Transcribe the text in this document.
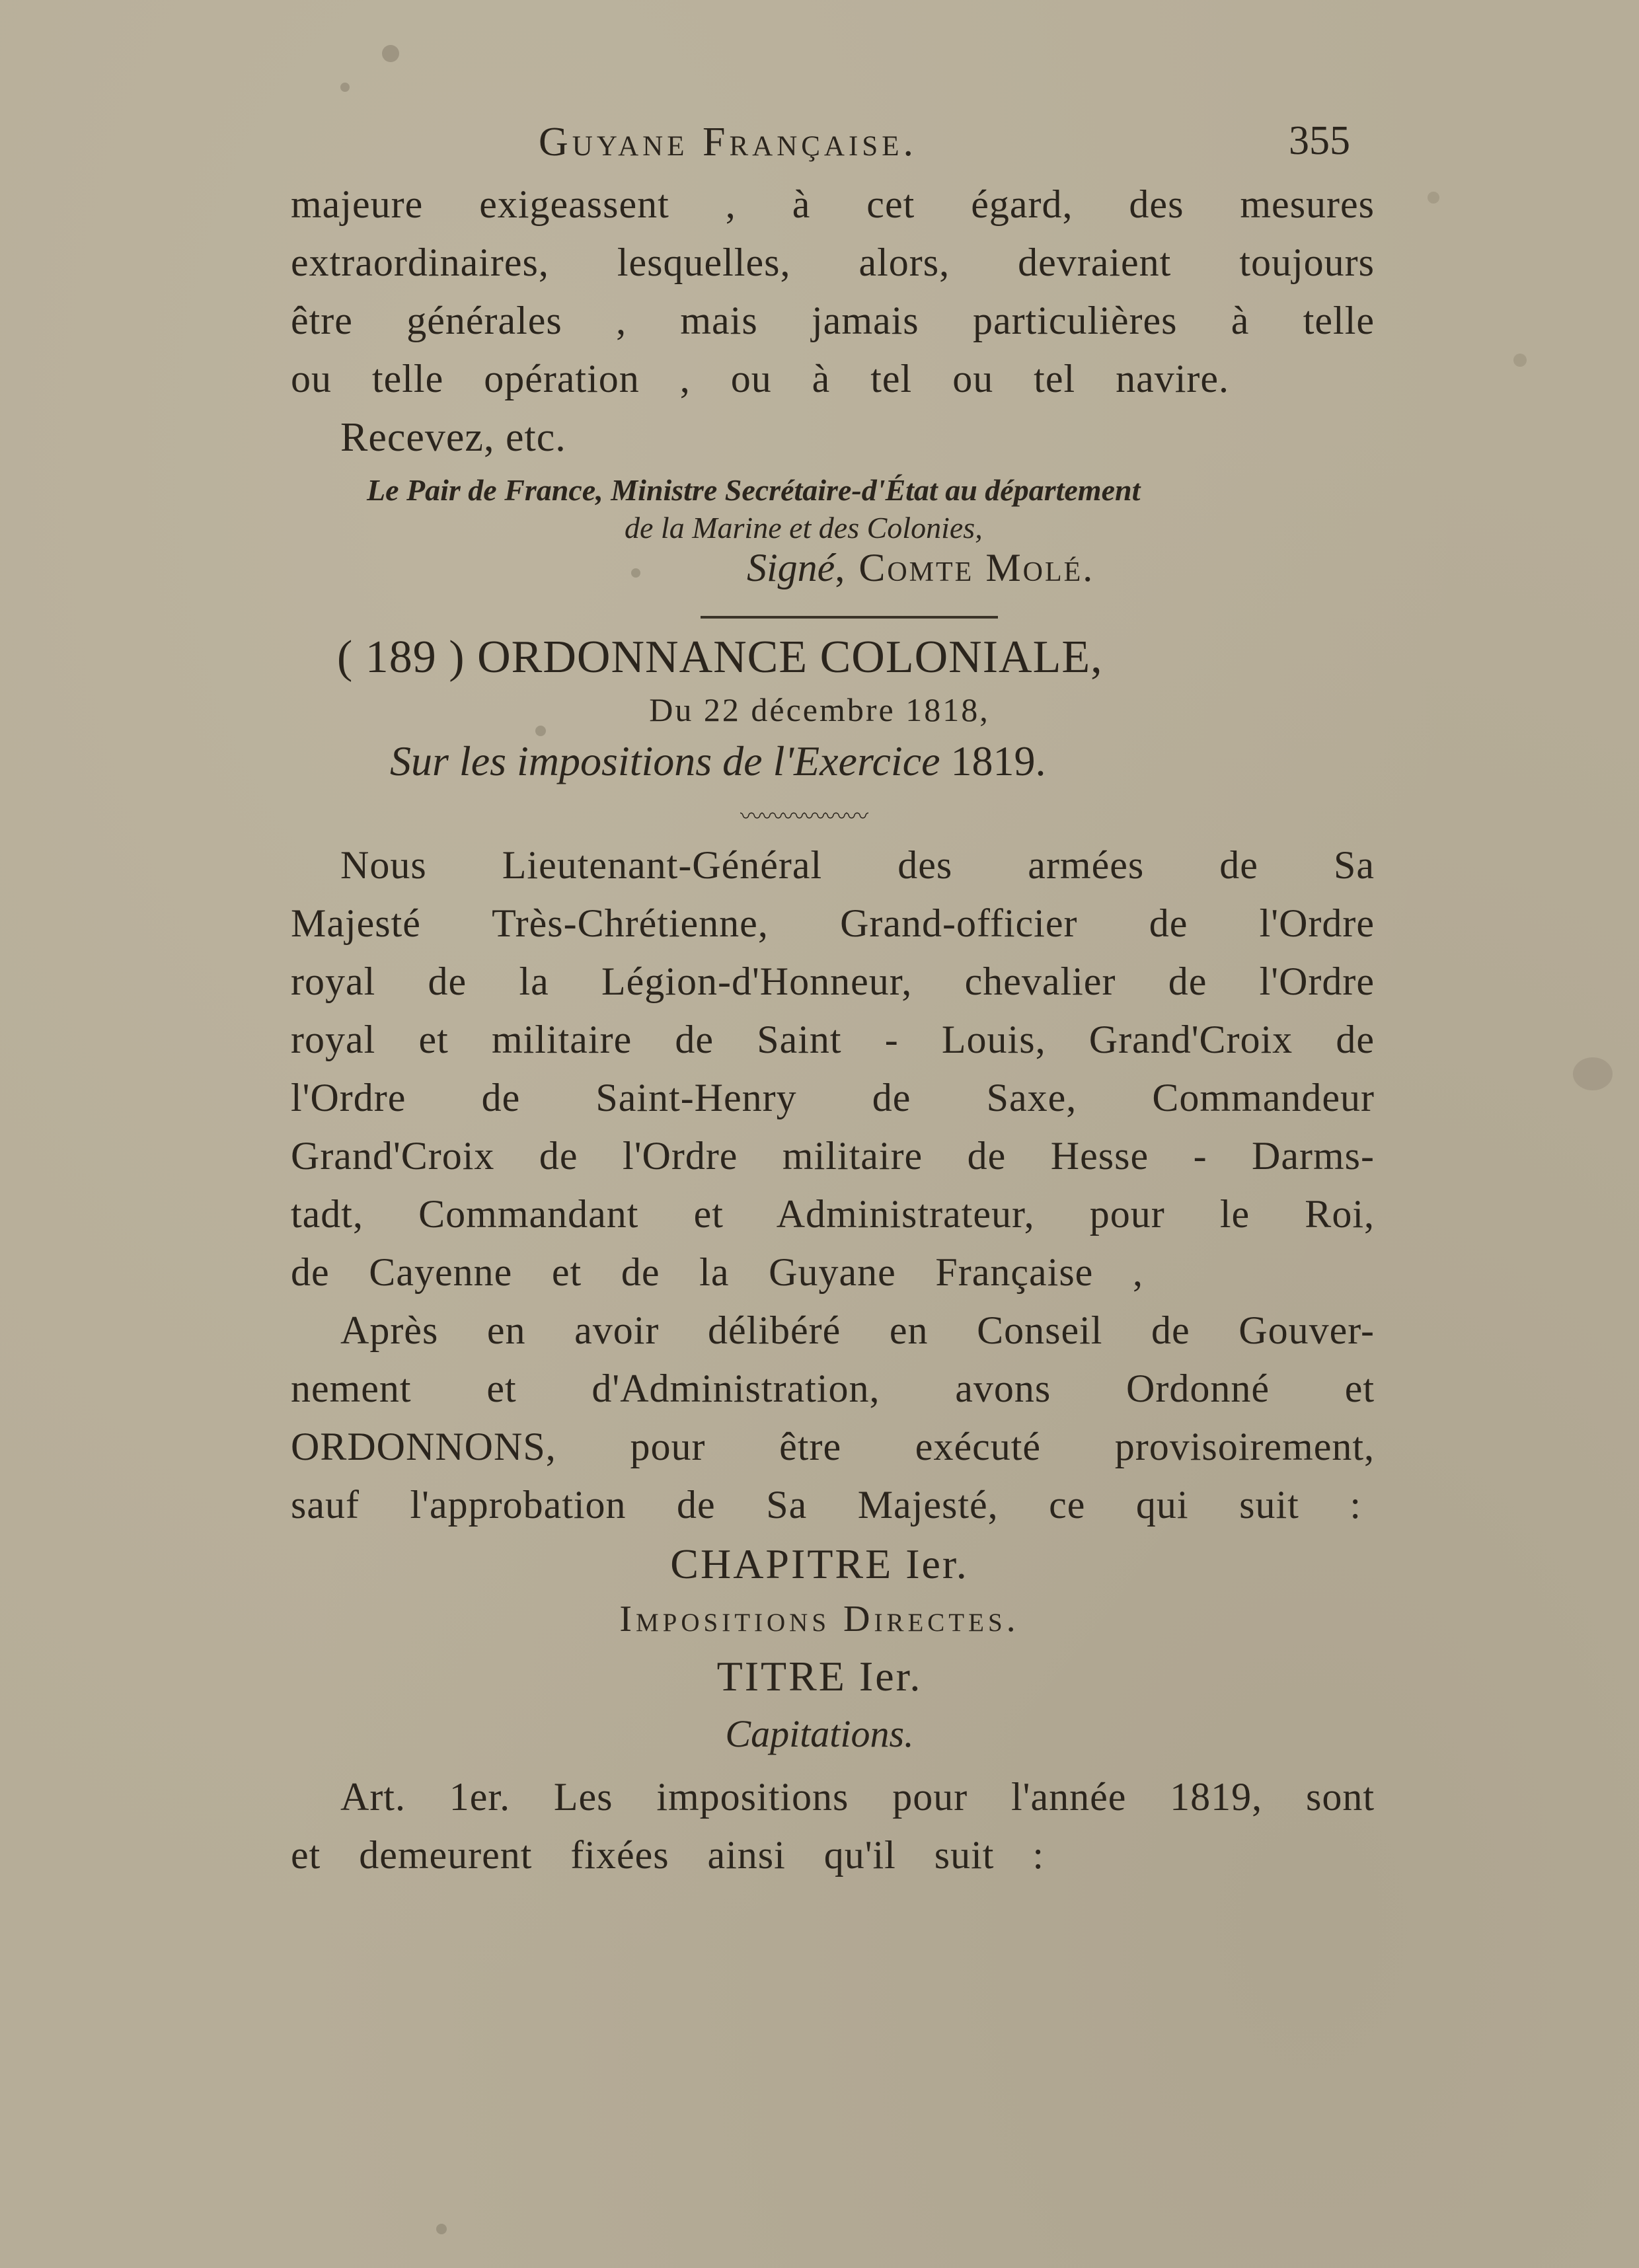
Guyane Française.	355
majeure exigeassent , à cet égard, des mesures
extraordinaires, lesquelles, alors, devraient toujours
être générales , mais jamais particulières à telle
ou telle opération , ou à tel ou tel navire.
Recevez, etc.
Le Pair de France, Ministre Secrétaire-d'État au département
de la Marine et des Colonies,
Signé, Comte Molé.
( 189 ) ORDONNANCE COLONIALE,
Du 22 décembre 1818,
Sur les impositions de l'Exercice 1819.
〰〰〰〰〰〰
Nous Lieutenant-Général des armées de Sa
Majesté Très-Chrétienne, Grand-officier de l'Ordre
royal de la Légion-d'Honneur, chevalier de l'Ordre
royal et militaire de Saint - Louis, Grand'Croix de
l'Ordre de Saint-Henry de Saxe, Commandeur
Grand'Croix de l'Ordre militaire de Hesse - Darms-
tadt, Commandant et Administrateur, pour le Roi,
de Cayenne et de la Guyane Française ,
Après en avoir délibéré en Conseil de Gouver-
nement et d'Administration, avons Ordonné et
ORDONNONS, pour être exécuté provisoirement,
sauf l'approbation de Sa Majesté, ce qui suit :
CHAPITRE Ier.
Impositions Directes.
TITRE Ier.
Capitations.
Art. 1er. Les impositions pour l'année 1819, sont
et demeurent fixées ainsi qu'il suit :
